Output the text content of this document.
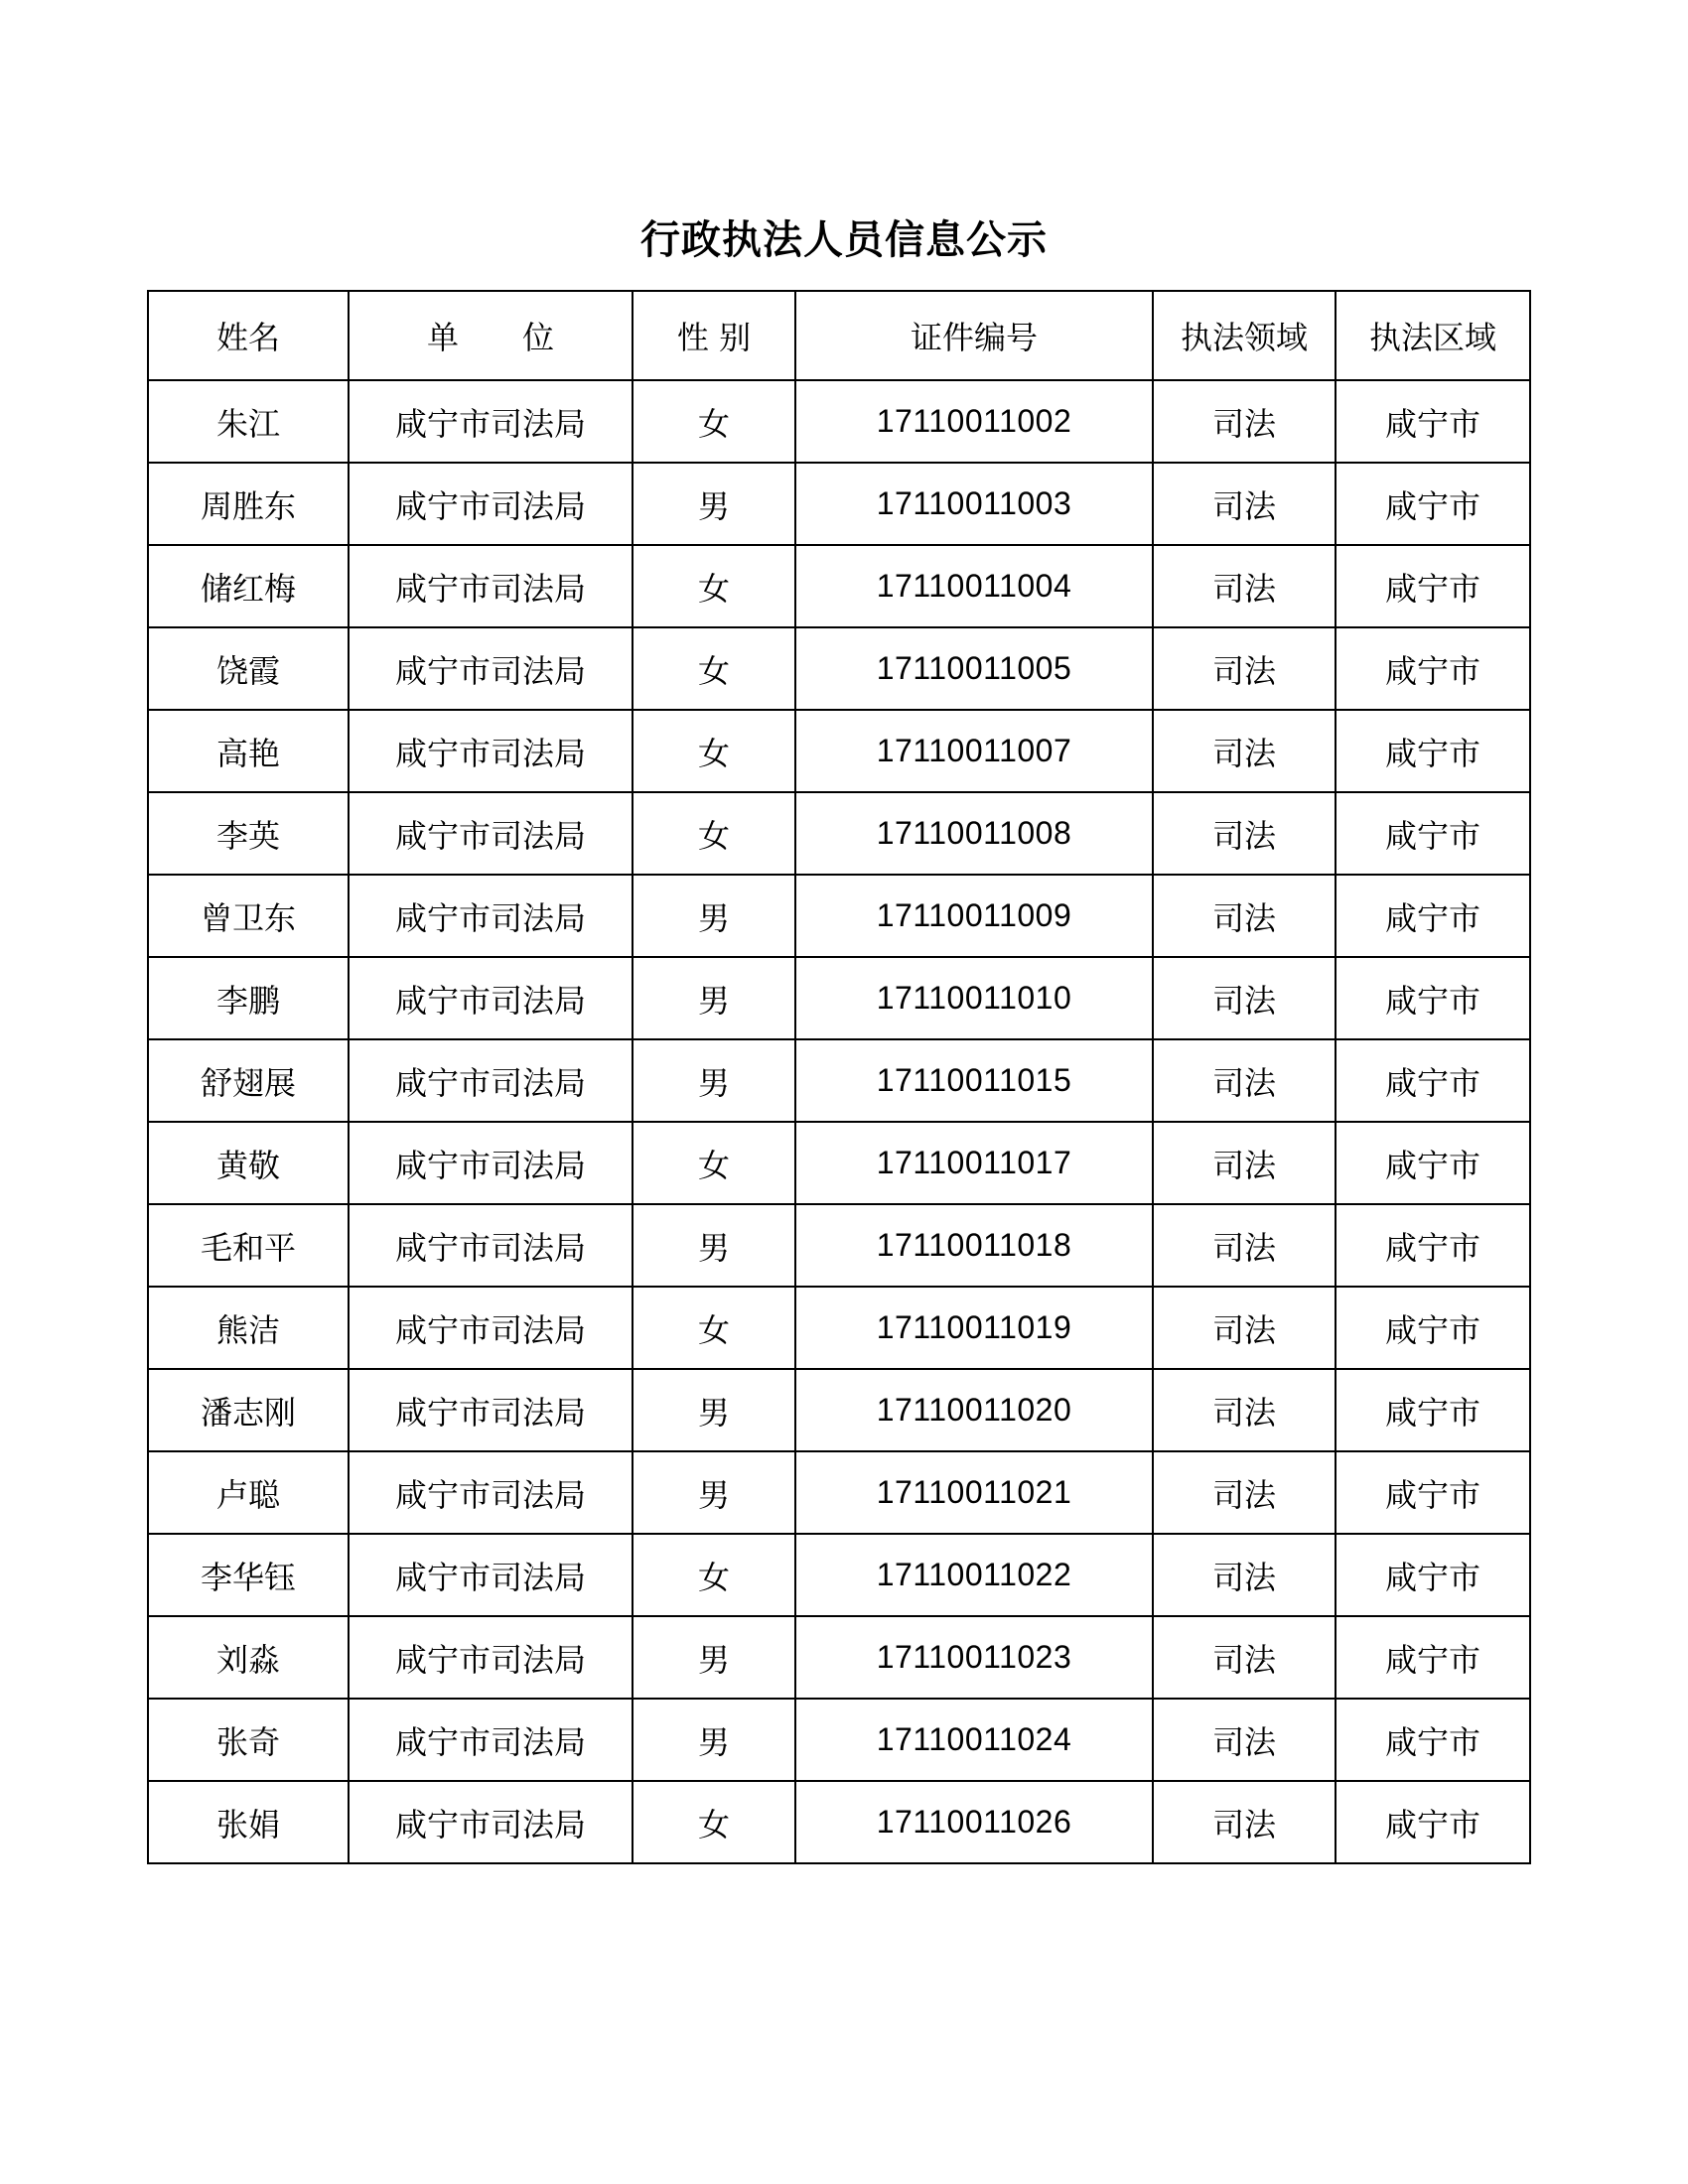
行政执法人员信息公示
姓名	单　　位	性 别	证件编号	执法领域	执法区域
朱江	咸宁市司法局	女	17110011002	司法	咸宁市
周胜东	咸宁市司法局	男	17110011003	司法	咸宁市
储红梅	咸宁市司法局	女	17110011004	司法	咸宁市
饶霞	咸宁市司法局	女	17110011005	司法	咸宁市
高艳	咸宁市司法局	女	17110011007	司法	咸宁市
李英	咸宁市司法局	女	17110011008	司法	咸宁市
曾卫东	咸宁市司法局	男	17110011009	司法	咸宁市
李鹏	咸宁市司法局	男	17110011010	司法	咸宁市
舒翅展	咸宁市司法局	男	17110011015	司法	咸宁市
黄敬	咸宁市司法局	女	17110011017	司法	咸宁市
毛和平	咸宁市司法局	男	17110011018	司法	咸宁市
熊洁	咸宁市司法局	女	17110011019	司法	咸宁市
潘志刚	咸宁市司法局	男	17110011020	司法	咸宁市
卢聪	咸宁市司法局	男	17110011021	司法	咸宁市
李华钰	咸宁市司法局	女	17110011022	司法	咸宁市
刘淼	咸宁市司法局	男	17110011023	司法	咸宁市
张奇	咸宁市司法局	男	17110011024	司法	咸宁市
张娟	咸宁市司法局	女	17110011026	司法	咸宁市
